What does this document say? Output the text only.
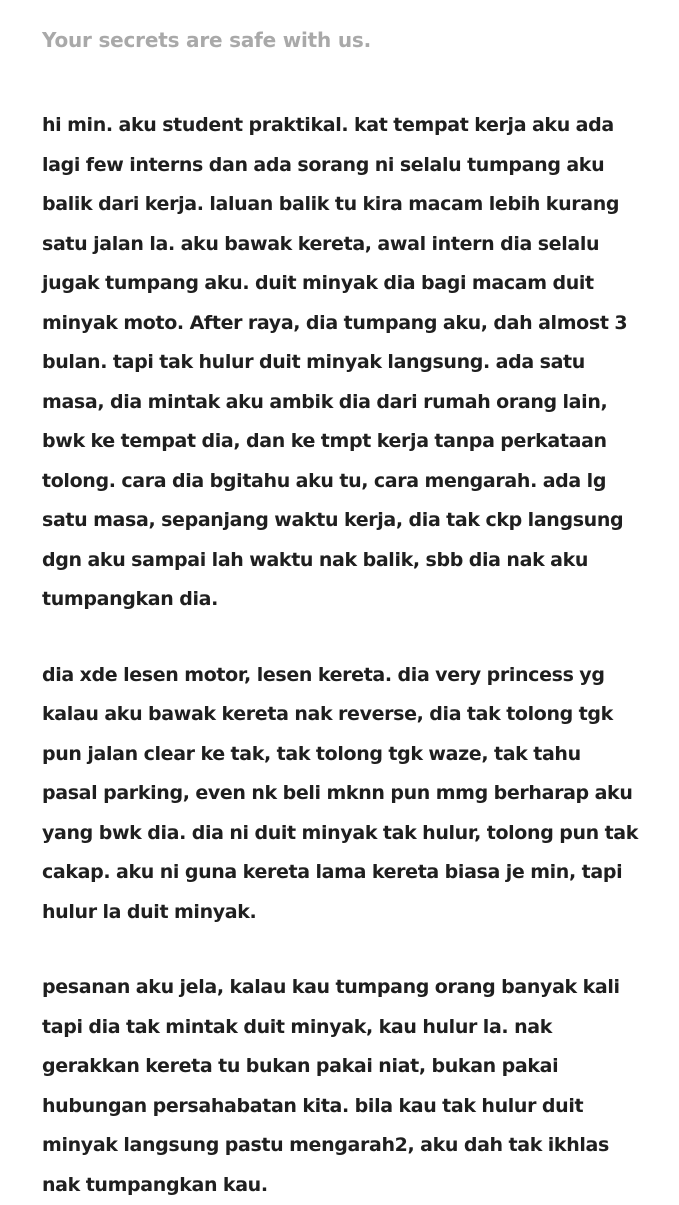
Your secrets are safe with us.

hi min. aku student praktikal. kat tempat kerja aku ada lagi few interns dan ada sorang ni selalu tumpang aku balik dari kerja. laluan balik tu kira macam lebih kurang satu jalan la. aku bawak kereta, awal intern dia selalu jugak tumpang aku. duit minyak dia bagi macam duit minyak moto. After raya, dia tumpang aku, dah almost 3 bulan. tapi tak hulur duit minyak langsung. ada satu masa, dia mintak aku ambik dia dari rumah orang lain, bwk ke tempat dia, dan ke tmpt kerja tanpa perkataan tolong. cara dia bgitahu aku tu, cara mengarah. ada lg satu masa, sepanjang waktu kerja, dia tak ckp langsung dgn aku sampai lah waktu nak balik, sbb dia nak aku tumpangkan dia.

dia xde lesen motor, lesen kereta. dia very princess yg kalau aku bawak kereta nak reverse, dia tak tolong tgk pun jalan clear ke tak, tak tolong tgk waze, tak tahu pasal parking, even nk beli mknn pun mmg berharap aku yang bwk dia. dia ni duit minyak tak hulur, tolong pun tak cakap. aku ni guna kereta lama kereta biasa je min, tapi hulur la duit minyak.

pesanan aku jela, kalau kau tumpang orang banyak kali tapi dia tak mintak duit minyak, kau hulur la. nak gerakkan kereta tu bukan pakai niat, bukan pakai hubungan persahabatan kita. bila kau tak hulur duit minyak langsung pastu mengarah2, aku dah tak ikhlas nak tumpangkan kau.
